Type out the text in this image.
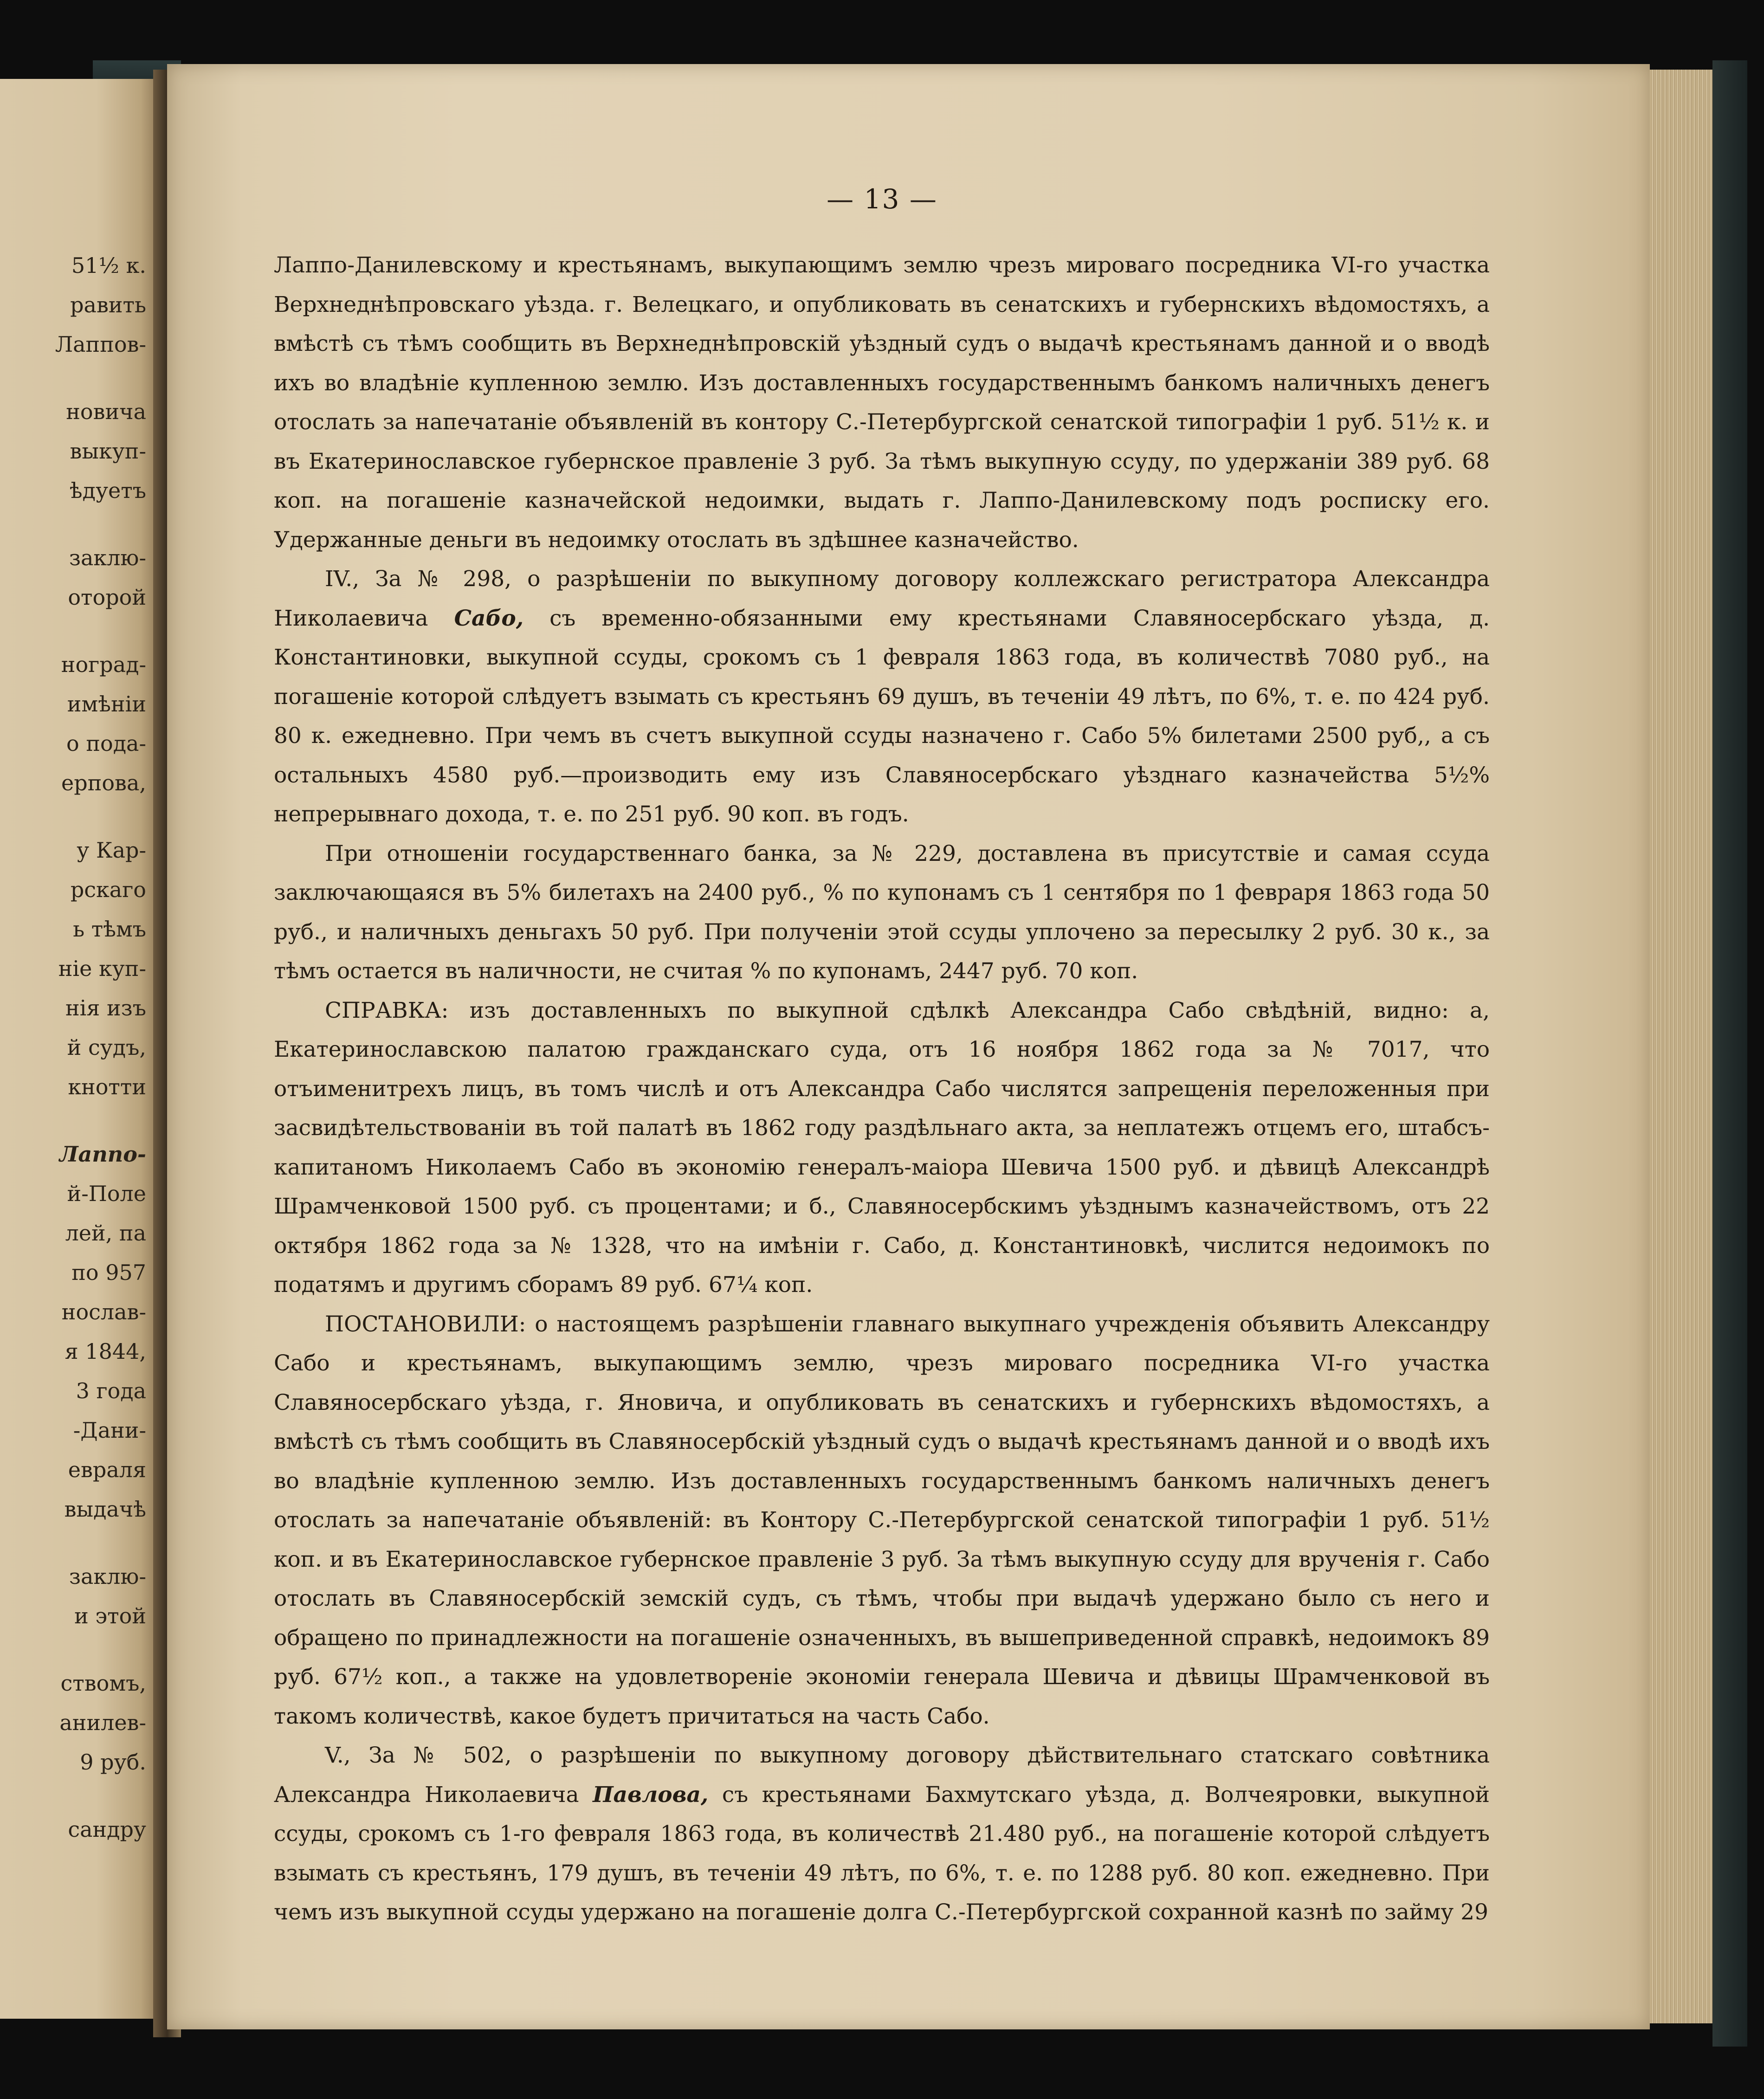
51½ к.
равить
Лаппов-
новича
выкуп-
ѣдуетъ
заклю-
оторой
ноград-
имѣніи
о пода-
ерпова,
у Кар-
рскаго
ь тѣмъ
ніе куп-
нія изъ
й судъ,
кнотти
Лаппо-
й-Поле
лей, па
по 957
нослав-
я 1844,
3 года
-Дани-
евраля
выдачѣ
заклю-
и этой
ствомъ,
анилев-
9 руб.
сандру
— 13 —

Лаппо-Данилевскому и крестьянамъ, выкупающимъ землю чрезъ мироваго посредника VI-го участка Верхнеднѣпровскаго уѣзда. г. Велецкаго, и опубликовать въ сенатскихъ и губернскихъ вѣдомостяхъ, а вмѣстѣ съ тѣмъ сообщить въ Верхнеднѣпровскій уѣздный судъ о выдачѣ крестьянамъ данной и о вводѣ ихъ во владѣніе купленною землю. Изъ доставленныхъ государственнымъ банкомъ наличныхъ денегъ отослать за напечатаніе объявленій въ контору С.-Петербургской сенатской типографіи 1 руб. 51½ к. и въ Екатеринославское губернское правленіе 3 руб. За тѣмъ выкупную ссуду, по удержаніи 389 руб. 68 коп. на погашеніе казначейской недоимки, выдать г. Лаппо-Данилевскому подъ росписку его. Удержанные деньги въ недоимку отослать въ здѣшнее казначейство.

IV., За № 298, о разрѣшеніи по выкупному договору коллежскаго регистратора Александра Николаевича Сабо, съ временно-обязанными ему крестьянами Славяносербскаго уѣзда, д. Константиновки, выкупной ссуды, срокомъ съ 1 февраля 1863 года, въ количествѣ 7080 руб., на погашеніе которой слѣдуетъ взымать съ крестьянъ 69 душъ, въ теченіи 49 лѣтъ, по 6%, т. е. по 424 руб. 80 к. ежедневно. При чемъ въ счетъ выкупной ссуды назначено г. Сабо 5% билетами 2500 руб,, а съ остальныхъ 4580 руб.—производить ему изъ Славяносербскаго уѣзднаго казначейства 5½% непрерывнаго дохода, т. е. по 251 руб. 90 коп. въ годъ.

При отношеніи государственнаго банка, за № 229, доставлена въ присутствіе и самая ссуда заключающаяся въ 5% билетахъ на 2400 руб., % по купонамъ съ 1 сентября по 1 февраря 1863 года 50 руб., и наличныхъ деньгахъ 50 руб. При полученіи этой ссуды уплочено за пересылку 2 руб. 30 к., за тѣмъ остается въ наличности, не считая % по купонамъ, 2447 руб. 70 коп.

СПРАВКА: изъ доставленныхъ по выкупной сдѣлкѣ Александра Сабо свѣдѣній, видно: а, Екатеринославскою палатою гражданскаго суда, отъ 16 ноября 1862 года за № 7017, что отъименитрехъ лицъ, въ томъ числѣ и отъ Александра Сабо числятся запрещенія переложенныя при засвидѣтельствованіи въ той палатѣ въ 1862 году раздѣльнаго акта, за неплатежъ отцемъ его, штабсъ-капитаномъ Николаемъ Сабо въ экономію генералъ-маіора Шевича 1500 руб. и дѣвицѣ Александрѣ Шрамченковой 1500 руб. съ процентами; и б., Славяносербскимъ уѣзднымъ казначействомъ, отъ 22 октября 1862 года за № 1328, что на имѣніи г. Сабо, д. Константиновкѣ, числится недоимокъ по податямъ и другимъ сборамъ 89 руб. 67¼ коп.

ПОСТАНОВИЛИ: о настоящемъ разрѣшеніи главнаго выкупнаго учрежденія объявить Александру Сабо и крестьянамъ, выкупающимъ землю, чрезъ мироваго посредника VI-го участка Славяносербскаго уѣзда, г. Яновича, и опубликовать въ сенатскихъ и губернскихъ вѣдомостяхъ, а вмѣстѣ съ тѣмъ сообщить въ Славяносербскій уѣздный судъ о выдачѣ крестьянамъ данной и о вводѣ ихъ во владѣніе купленною землю. Изъ доставленныхъ государственнымъ банкомъ наличныхъ денегъ отослать за напечатаніе объявленій: въ Контору С.-Петербургской сенатской типографіи 1 руб. 51½ коп. и въ Екатеринославское губернское правленіе 3 руб. За тѣмъ выкупную ссуду для врученія г. Сабо отослать въ Славяносербскій земскій судъ, съ тѣмъ, чтобы при выдачѣ удержано было съ него и обращено по принадлежности на погашеніе означенныхъ, въ вышеприведенной справкѣ, недоимокъ 89 руб. 67½ коп., а также на удовлетвореніе экономіи генерала Шевича и дѣвицы Шрамченковой въ такомъ количествѣ, какое будетъ причитаться на часть Сабо.

V., За № 502, о разрѣшеніи по выкупному договору дѣйствительнаго статскаго совѣтника Александра Николаевича Павлова, съ крестьянами Бахмутскаго уѣзда, д. Волчеяровки, выкупной ссуды, срокомъ съ 1-го февраля 1863 года, въ количествѣ 21.480 руб., на погашеніе которой слѣдуетъ взымать съ крестьянъ, 179 душъ, въ теченіи 49 лѣтъ, по 6%, т. е. по 1288 руб. 80 коп. ежедневно. При чемъ изъ выкупной ссуды удержано на погашеніе долга С.-Петербургской сохранной казнѣ по займу 29
